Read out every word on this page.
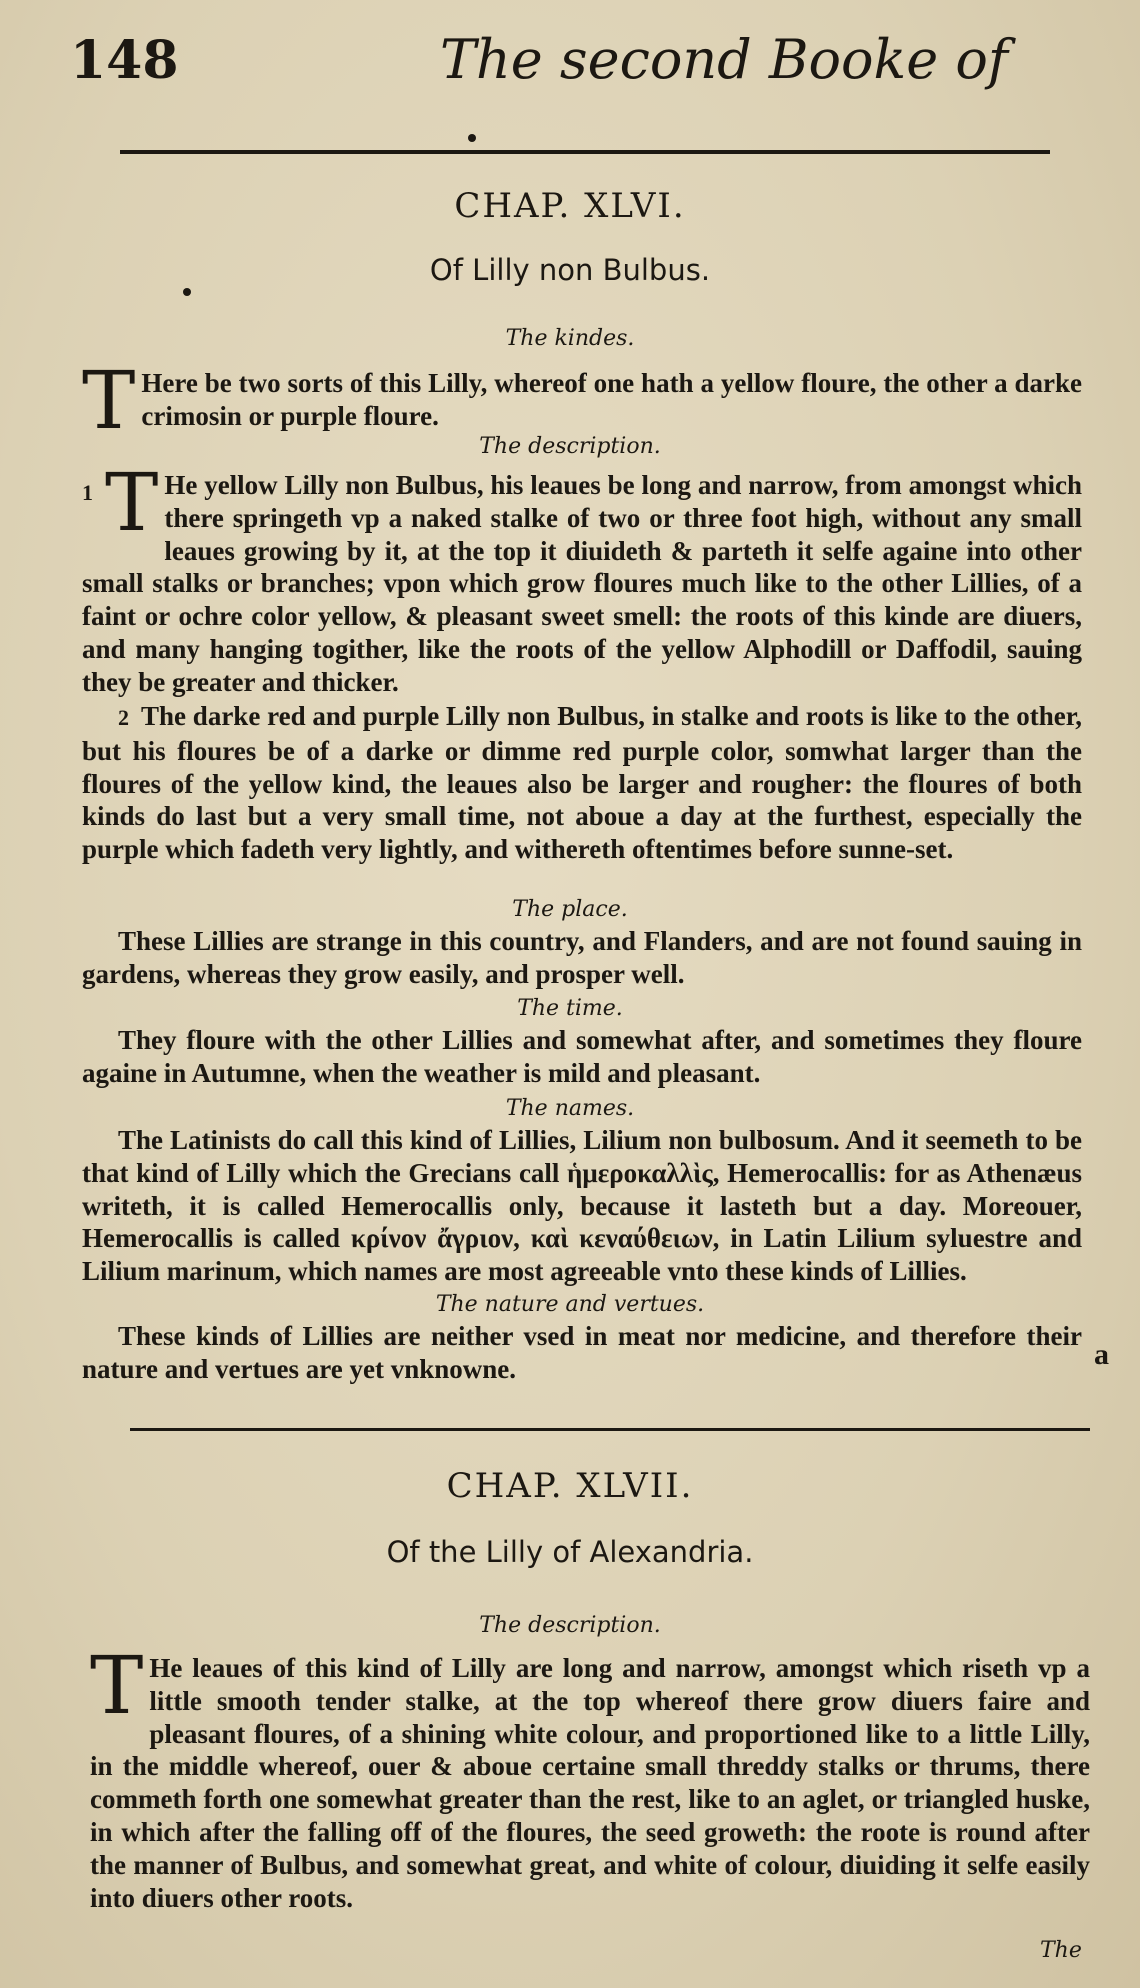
148	The second Booke of
CHAP. XLVI.
Of Lilly non Bulbus.
The kindes.
T Here be two sorts of this Lilly, whereof one hath a yellow floure, the other a darke crimosin or purple floure.
The description.
1 T He yellow Lilly non Bulbus, his leaues be long and narrow, from amongst which there springeth vp a naked stalke of two or three foot high, without any small leaues growing by it, at the top it diuideth & parteth it selfe againe into other small stalks or branches; vpon which grow floures much like to the other Lillies, of a faint or ochre color yellow, & pleasant sweet smell: the roots of this kinde are diuers, and many hanging togither, like the roots of the yellow Alphodill or Daffodil, sauing they be greater and thicker.
2 The darke red and purple Lilly non Bulbus, in stalke and roots is like to the other, but his floures be of a darke or dimme red purple color, somwhat larger than the floures of the yellow kind, the leaues also be larger and rougher: the floures of both kinds do last but a very small time, not aboue a day at the furthest, especially the purple which fadeth very lightly, and withereth oftentimes before sunne-set.
The place.
These Lillies are strange in this country, and Flanders, and are not found sauing in gardens, whereas they grow easily, and prosper well.
The time.
They floure with the other Lillies and somewhat after, and sometimes they floure againe in Autumne, when the weather is mild and pleasant.
The names.
The Latinists do call this kind of Lillies, Lilium non bulbosum. And it seemeth to be that kind of Lilly which the Grecians call ἡμεροκαλλὶς, Hemerocallis: for as Athenæus writeth, it is called Hemerocallis only, because it lasteth but a day. Moreouer, Hemerocallis is called κρίνον ἄγριον, καὶ κεναύθειων, in Latin Lilium syluestre and Lilium marinum, which names are most agreeable vnto these kinds of Lillies.
The nature and vertues.
These kinds of Lillies are neither vsed in meat nor medicine, and therefore their nature and vertues are yet vnknowne.	a
CHAP. XLVII.
Of the Lilly of Alexandria.
The description.
T He leaues of this kind of Lilly are long and narrow, amongst which riseth vp a little smooth tender stalke, at the top whereof there grow diuers faire and pleasant floures, of a shining white colour, and proportioned like to a little Lilly, in the middle whereof, ouer & aboue certaine small threddy stalks or thrums, there commeth forth one somewhat greater than the rest, like to an aglet, or triangled huske, in which after the falling off of the floures, the seed groweth: the roote is round after the manner of Bulbus, and somewhat great, and white of colour, diuiding it selfe easily into diuers other roots.
The
